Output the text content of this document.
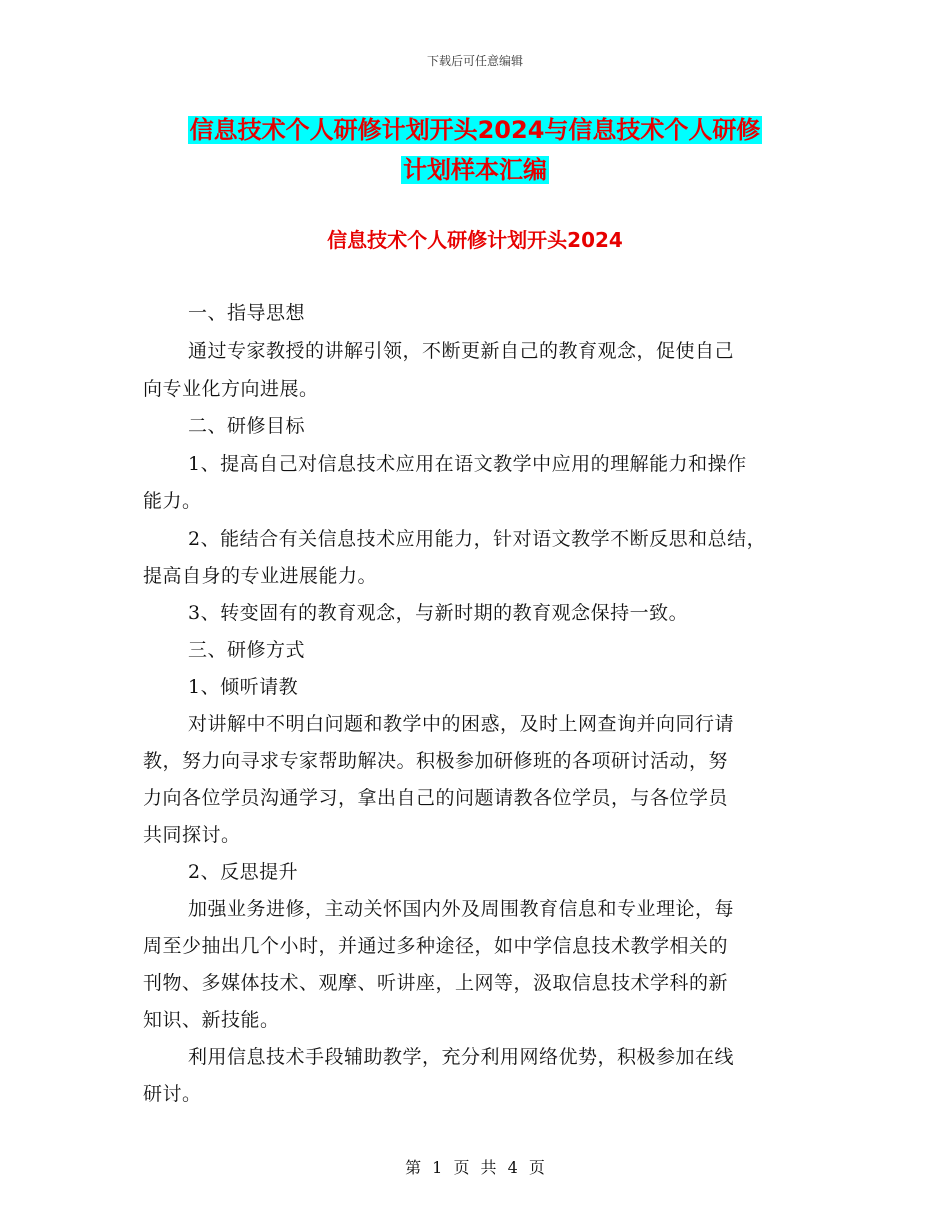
下载后可任意编辑
信息技术个人研修计划开头2024与信息技术个人研修
计划样本汇编
信息技术个人研修计划开头2024
一、指导思想
通过专家教授的讲解引领，不断更新自己的教育观念，促使自己
向专业化方向进展。
二、研修目标
1、提高自己对信息技术应用在语文教学中应用的理解能力和操作
能力。
2、能结合有关信息技术应用能力，针对语文教学不断反思和总结，
提高自身的专业进展能力。
3、转变固有的教育观念，与新时期的教育观念保持一致。
三、研修方式
1、倾听请教
对讲解中不明白问题和教学中的困惑，及时上网查询并向同行请
教，努力向寻求专家帮助解决。积极参加研修班的各项研讨活动，努
力向各位学员沟通学习，拿出自己的问题请教各位学员，与各位学员
共同探讨。
2、反思提升
加强业务进修，主动关怀国内外及周围教育信息和专业理论，每
周至少抽出几个小时，并通过多种途径，如中学信息技术教学相关的
刊物、多媒体技术、观摩、听讲座，上网等，汲取信息技术学科的新
知识、新技能。
利用信息技术手段辅助教学，充分利用网络优势，积极参加在线
研讨。
第 1 页 共 4 页
